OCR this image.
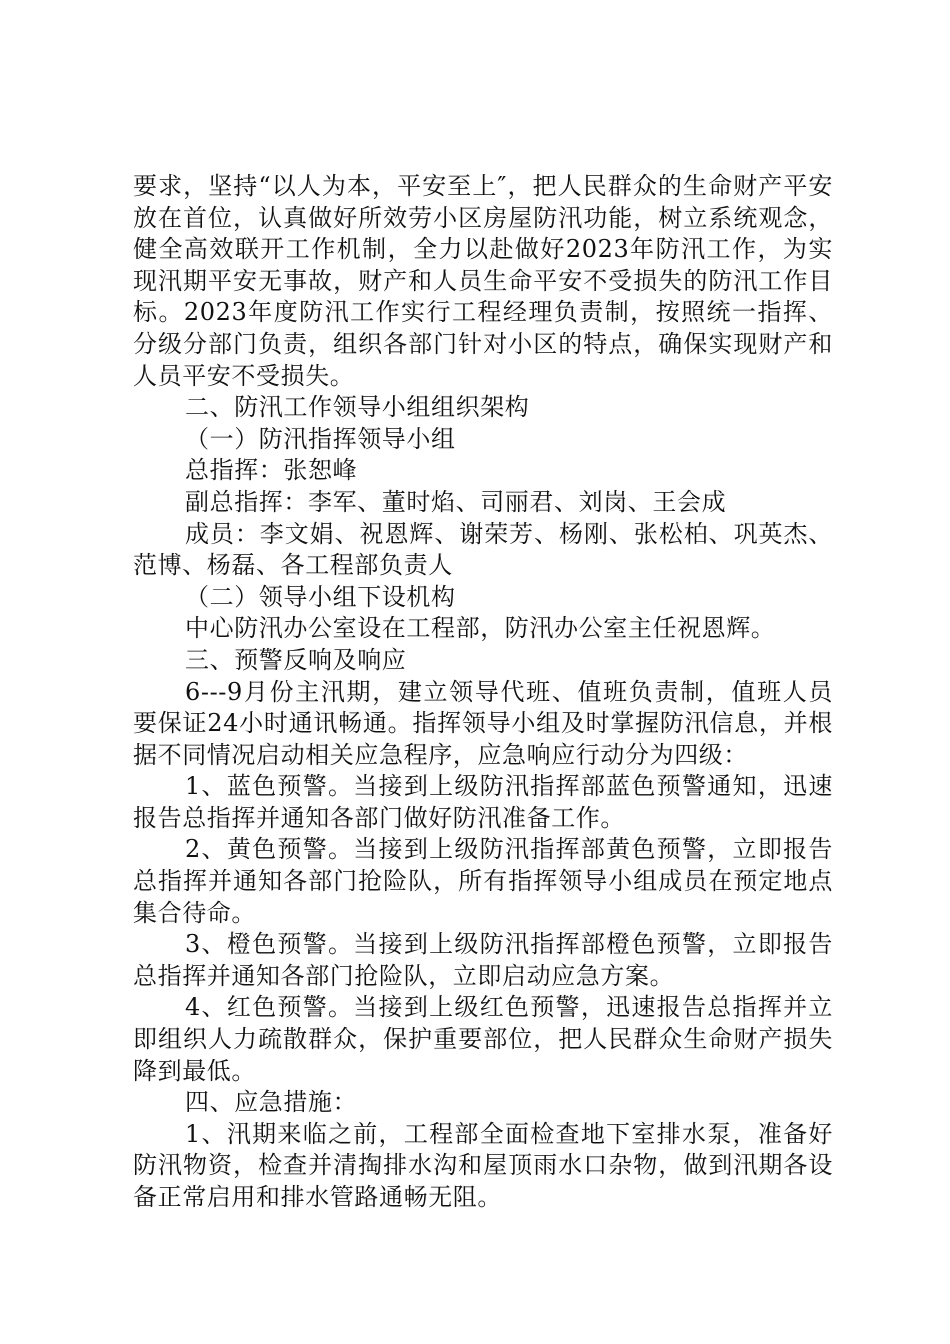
要求，坚持“以人为本，平安至上″，把人民群众的生命财产平安放在首位，认真做好所效劳小区房屋防汛功能，树立系统观念，健全高效联开工作机制，全力以赴做好2023年防汛工作，为实现汛期平安无事故，财产和人员生命平安不受损失的防汛工作目标。2023年度防汛工作实行工程经理负责制，按照统一指挥、分级分部门负责，组织各部门针对小区的特点，确保实现财产和人员平安不受损失。

二、防汛工作领导小组组织架构

（一）防汛指挥领导小组

总指挥：张恕峰

副总指挥：李军、董时焰、司丽君、刘岗、王会成

成员：李文娟、祝恩辉、谢荣芳、杨刚、张松柏、巩英杰、范博、杨磊、各工程部负责人

（二）领导小组下设机构

中心防汛办公室设在工程部，防汛办公室主任祝恩辉。

三、预警反响及响应

6---9月份主汛期，建立领导代班、值班负责制，值班人员要保证24小时通讯畅通。指挥领导小组及时掌握防汛信息，并根据不同情况启动相关应急程序，应急响应行动分为四级：

1、蓝色预警。当接到上级防汛指挥部蓝色预警通知，迅速报告总指挥并通知各部门做好防汛准备工作。

2、黄色预警。当接到上级防汛指挥部黄色预警，立即报告总指挥并通知各部门抢险队，所有指挥领导小组成员在预定地点集合待命。

3、橙色预警。当接到上级防汛指挥部橙色预警，立即报告总指挥并通知各部门抢险队，立即启动应急方案。

4、红色预警。当接到上级红色预警，迅速报告总指挥并立即组织人力疏散群众，保护重要部位，把人民群众生命财产损失降到最低。

四、应急措施：

1、汛期来临之前，工程部全面检查地下室排水泵，准备好防汛物资，检查并清掏排水沟和屋顶雨水口杂物，做到汛期各设备正常启用和排水管路通畅无阻。
